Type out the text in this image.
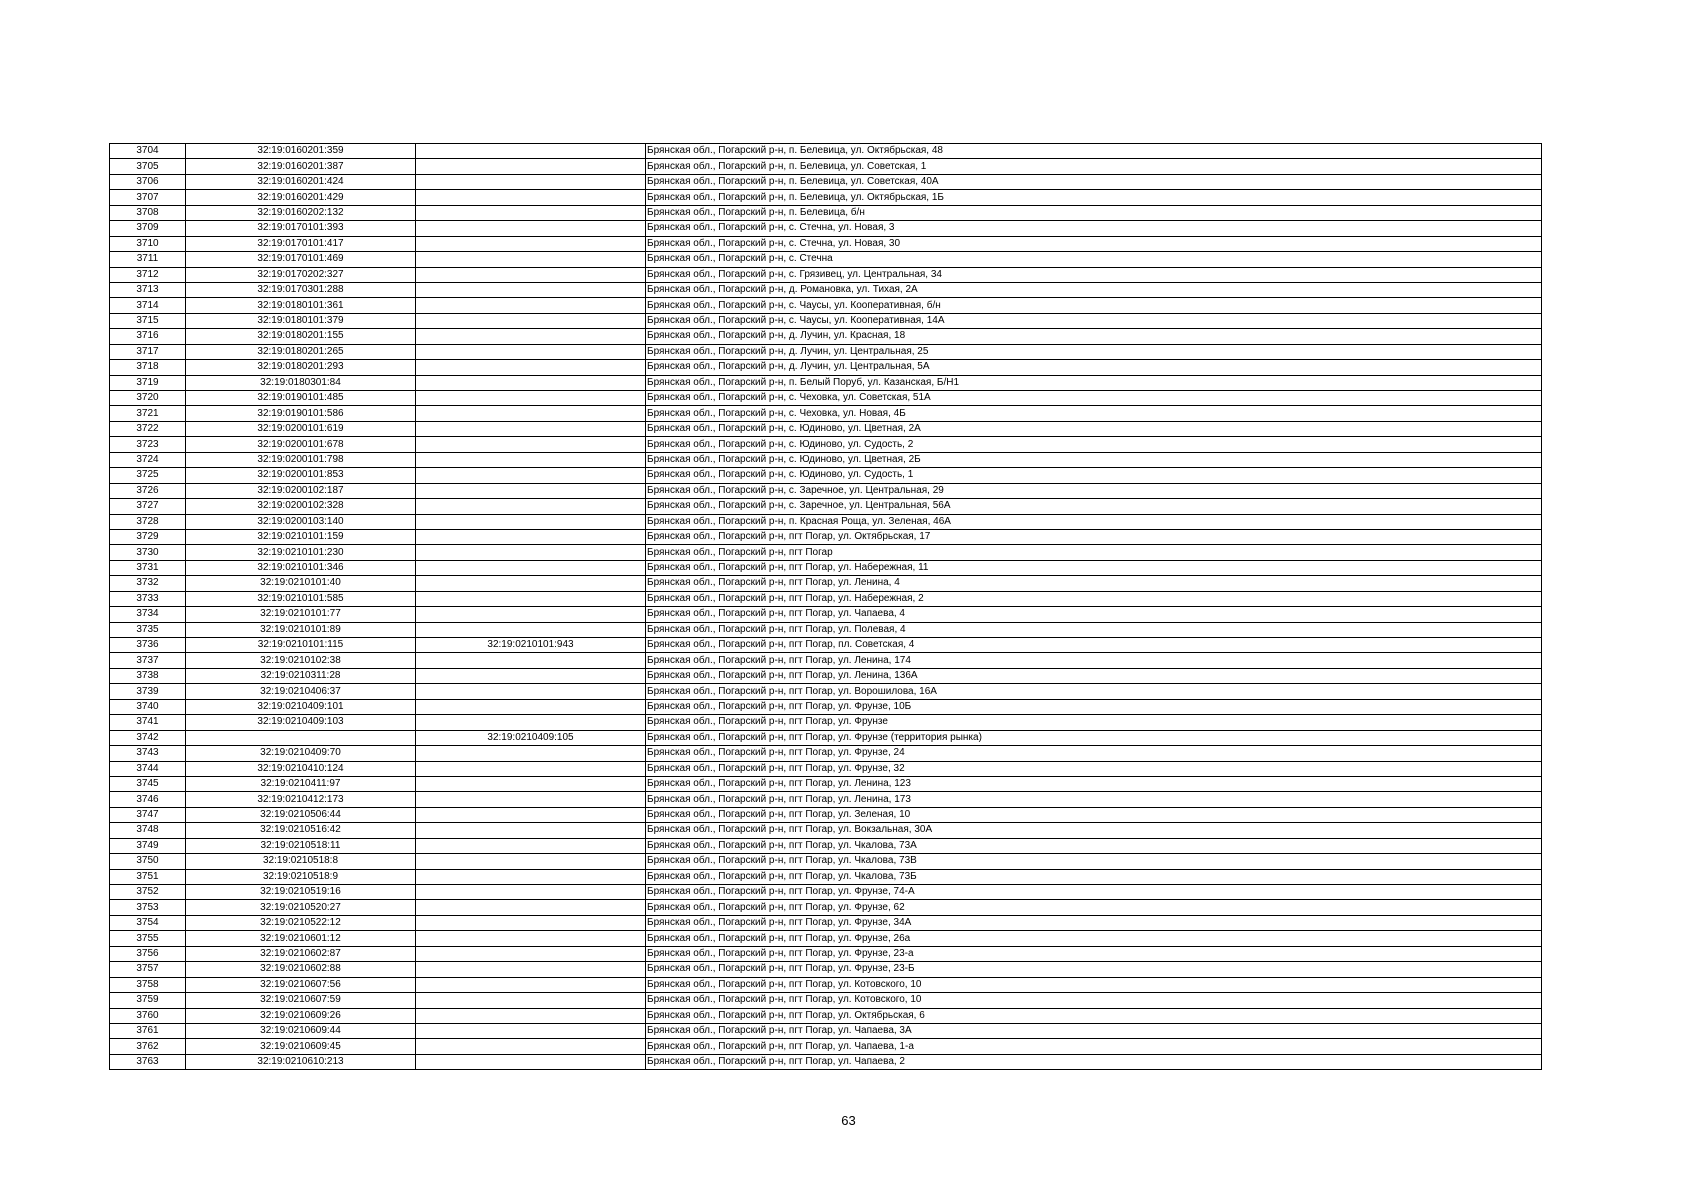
3704	32:19:0160201:359		Брянская обл., Погарский р-н, п. Белевица, ул. Октябрьская, 48
3705	32:19:0160201:387		Брянская обл., Погарский р-н, п. Белевица, ул. Советская, 1
3706	32:19:0160201:424		Брянская обл., Погарский р-н, п. Белевица, ул. Советская, 40А
3707	32:19:0160201:429		Брянская обл., Погарский р-н, п. Белевица, ул. Октябрьская, 1Б
3708	32:19:0160202:132		Брянская обл., Погарский р-н, п. Белевица, б/н
3709	32:19:0170101:393		Брянская обл., Погарский р-н, с. Стечна, ул. Новая, 3
3710	32:19:0170101:417		Брянская обл., Погарский р-н, с. Стечна, ул. Новая, 30
3711	32:19:0170101:469		Брянская обл., Погарский р-н, с. Стечна
3712	32:19:0170202:327		Брянская обл., Погарский р-н, с. Грязивец, ул. Центральная, 34
3713	32:19:0170301:288		Брянская обл., Погарский р-н, д. Романовка, ул. Тихая, 2А
3714	32:19:0180101:361		Брянская обл., Погарский р-н, с. Чаусы, ул. Кооперативная, б/н
3715	32:19:0180101:379		Брянская обл., Погарский р-н, с. Чаусы, ул. Кооперативная, 14А
3716	32:19:0180201:155		Брянская обл., Погарский р-н, д. Лучин, ул. Красная, 18
3717	32:19:0180201:265		Брянская обл., Погарский р-н, д. Лучин, ул. Центральная, 25
3718	32:19:0180201:293		Брянская обл., Погарский р-н, д. Лучин, ул. Центральная, 5А
3719	32:19:0180301:84		Брянская обл., Погарский р-н, п. Белый Поруб, ул. Казанская, Б/Н1
3720	32:19:0190101:485		Брянская обл., Погарский р-н, с. Чеховка, ул. Советская, 51А
3721	32:19:0190101:586		Брянская обл., Погарский р-н, с. Чеховка, ул. Новая, 4Б
3722	32:19:0200101:619		Брянская обл., Погарский р-н, с. Юдиново, ул. Цветная, 2А
3723	32:19:0200101:678		Брянская обл., Погарский р-н, с. Юдиново, ул. Судость, 2
3724	32:19:0200101:798		Брянская обл., Погарский р-н, с. Юдиново, ул. Цветная, 2Б
3725	32:19:0200101:853		Брянская обл., Погарский р-н, с. Юдиново, ул. Судость, 1
3726	32:19:0200102:187		Брянская обл., Погарский р-н, с. Заречное, ул. Центральная, 29
3727	32:19:0200102:328		Брянская обл., Погарский р-н, с. Заречное, ул. Центральная, 56А
3728	32:19:0200103:140		Брянская обл., Погарский р-н, п. Красная Роща, ул. Зеленая, 46А
3729	32:19:0210101:159		Брянская обл., Погарский р-н, пгт Погар, ул. Октябрьская, 17
3730	32:19:0210101:230		Брянская обл., Погарский р-н, пгт Погар
3731	32:19:0210101:346		Брянская обл., Погарский р-н, пгт Погар, ул. Набережная, 11
3732	32:19:0210101:40		Брянская обл., Погарский р-н, пгт Погар, ул. Ленина, 4
3733	32:19:0210101:585		Брянская обл., Погарский р-н, пгт Погар, ул. Набережная, 2
3734	32:19:0210101:77		Брянская обл., Погарский р-н, пгт Погар, ул. Чапаева, 4
3735	32:19:0210101:89		Брянская обл., Погарский р-н, пгт Погар, ул. Полевая, 4
3736	32:19:0210101:115	32:19:0210101:943	Брянская обл., Погарский р-н, пгт Погар, пл. Советская, 4
3737	32:19:0210102:38		Брянская обл., Погарский р-н, пгт Погар, ул. Ленина, 174
3738	32:19:0210311:28		Брянская обл., Погарский р-н, пгт Погар, ул. Ленина, 136А
3739	32:19:0210406:37		Брянская обл., Погарский р-н, пгт Погар, ул. Ворошилова, 16А
3740	32:19:0210409:101		Брянская обл., Погарский р-н, пгт Погар, ул. Фрунзе, 10Б
3741	32:19:0210409:103		Брянская обл., Погарский р-н, пгт Погар, ул. Фрунзе
3742		32:19:0210409:105	Брянская обл., Погарский р-н, пгт Погар, ул. Фрунзе (территория рынка)
3743	32:19:0210409:70		Брянская обл., Погарский р-н, пгт Погар, ул. Фрунзе, 24
3744	32:19:0210410:124		Брянская обл., Погарский р-н, пгт Погар, ул. Фрунзе, 32
3745	32:19:0210411:97		Брянская обл., Погарский р-н, пгт Погар, ул. Ленина, 123
3746	32:19:0210412:173		Брянская обл., Погарский р-н, пгт Погар, ул. Ленина, 173
3747	32:19:0210506:44		Брянская обл., Погарский р-н, пгт Погар, ул. Зеленая, 10
3748	32:19:0210516:42		Брянская обл., Погарский р-н, пгт Погар, ул. Вокзальная, 30А
3749	32:19:0210518:11		Брянская обл., Погарский р-н, пгт Погар, ул. Чкалова, 73А
3750	32:19:0210518:8		Брянская обл., Погарский р-н, пгт Погар, ул. Чкалова, 73В
3751	32:19:0210518:9		Брянская обл., Погарский р-н, пгт Погар, ул. Чкалова, 73Б
3752	32:19:0210519:16		Брянская обл., Погарский р-н, пгт Погар, ул. Фрунзе, 74-А
3753	32:19:0210520:27		Брянская обл., Погарский р-н, пгт Погар, ул. Фрунзе, 62
3754	32:19:0210522:12		Брянская обл., Погарский р-н, пгт Погар, ул. Фрунзе, 34А
3755	32:19:0210601:12		Брянская обл., Погарский р-н, пгт Погар, ул. Фрунзе, 26а
3756	32:19:0210602:87		Брянская обл., Погарский р-н, пгт Погар, ул. Фрунзе, 23-а
3757	32:19:0210602:88		Брянская обл., Погарский р-н, пгт Погар, ул. Фрунзе, 23-Б
3758	32:19:0210607:56		Брянская обл., Погарский р-н, пгт Погар, ул. Котовского, 10
3759	32:19:0210607:59		Брянская обл., Погарский р-н, пгт Погар, ул. Котовского, 10
3760	32:19:0210609:26		Брянская обл., Погарский р-н, пгт Погар, ул. Октябрьская, 6
3761	32:19:0210609:44		Брянская обл., Погарский р-н, пгт Погар, ул. Чапаева, 3А
3762	32:19:0210609:45		Брянская обл., Погарский р-н, пгт Погар, ул. Чапаева, 1-а
3763	32:19:0210610:213		Брянская обл., Погарский р-н, пгт Погар, ул. Чапаева, 2
63
